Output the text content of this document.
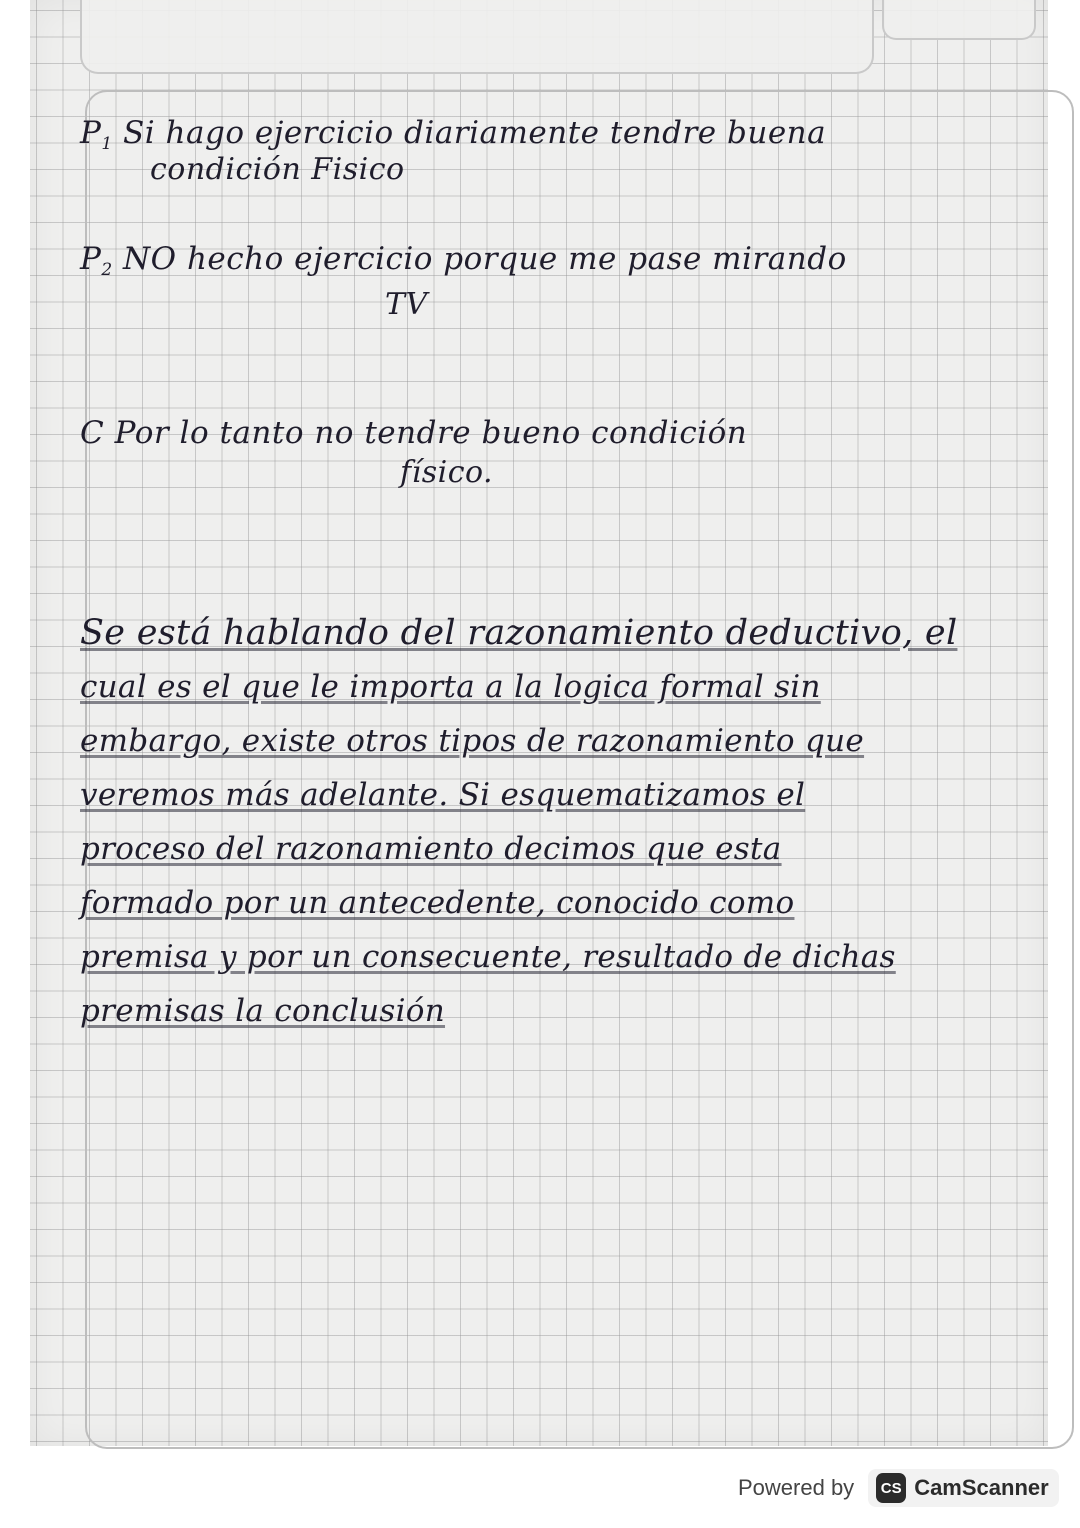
P1 Si hago ejercicio diariamente tendre buena
condición Fisico
P2 NO hecho ejercicio porque me pase mirando
TV
C Por lo tanto no tendre bueno condición
físico.
Se está hablando del razonamiento deductivo, el
cual es el que le importa a la logica formal sin
embargo, existe otros tipos de razonamiento que
veremos más adelante. Si esquematizamos el
proceso del razonamiento decimos que esta
formado por un antecedente, conocido como
premisa y por un consecuente, resultado de dichas
premisas la conclusión
Powered by	CS CamScanner
